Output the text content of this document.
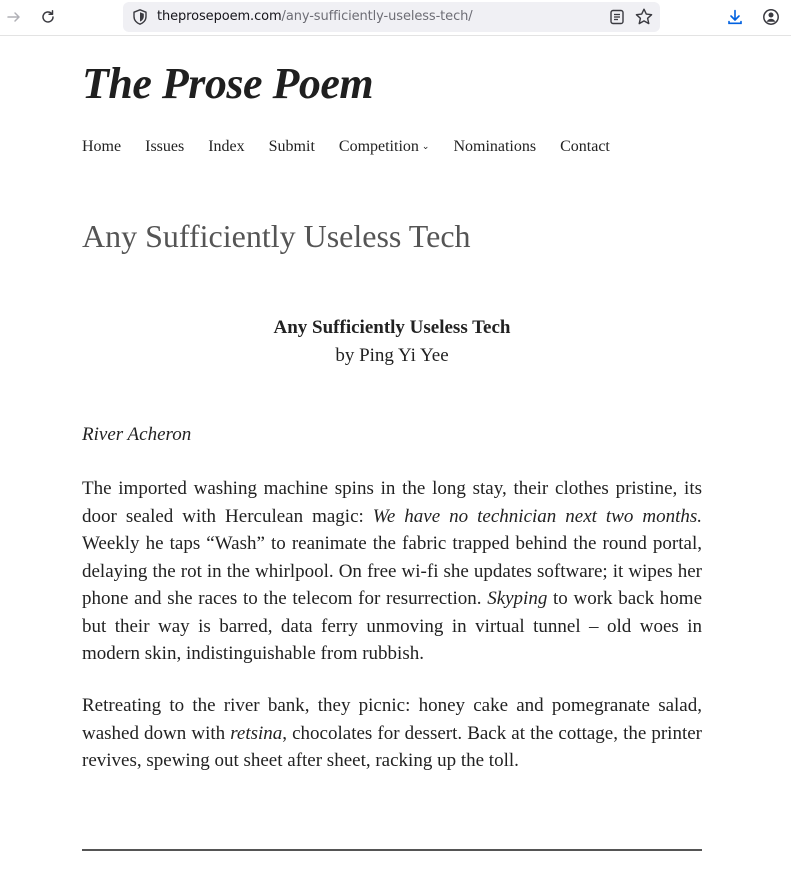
theprosepoem.com/any-sufficiently-useless-tech/
The Prose Poem
Home Issues Index Submit Competition ⌄ Nominations Contact
Any Sufficiently Useless Tech
Any Sufficiently Useless Tech
by Ping Yi Yee
River Acheron

The imported washing machine spins in the long stay, their clothes pristine, its door sealed with Herculean magic: We have no technician next two months. Weekly he taps “Wash” to reanimate the fabric trapped behind the round portal, delaying the rot in the whirlpool. On free wi-fi she updates software; it wipes her phone and she races to the telecom for resurrection. Skyping to work back home but their way is barred, data ferry unmoving in virtual tunnel – old woes in modern skin, indistinguishable from rubbish.

Retreating to the river bank, they picnic: honey cake and pomegranate salad, washed down with retsina, chocolates for dessert. Back at the cottage, the printer revives, spewing out sheet after sheet, racking up the toll.
